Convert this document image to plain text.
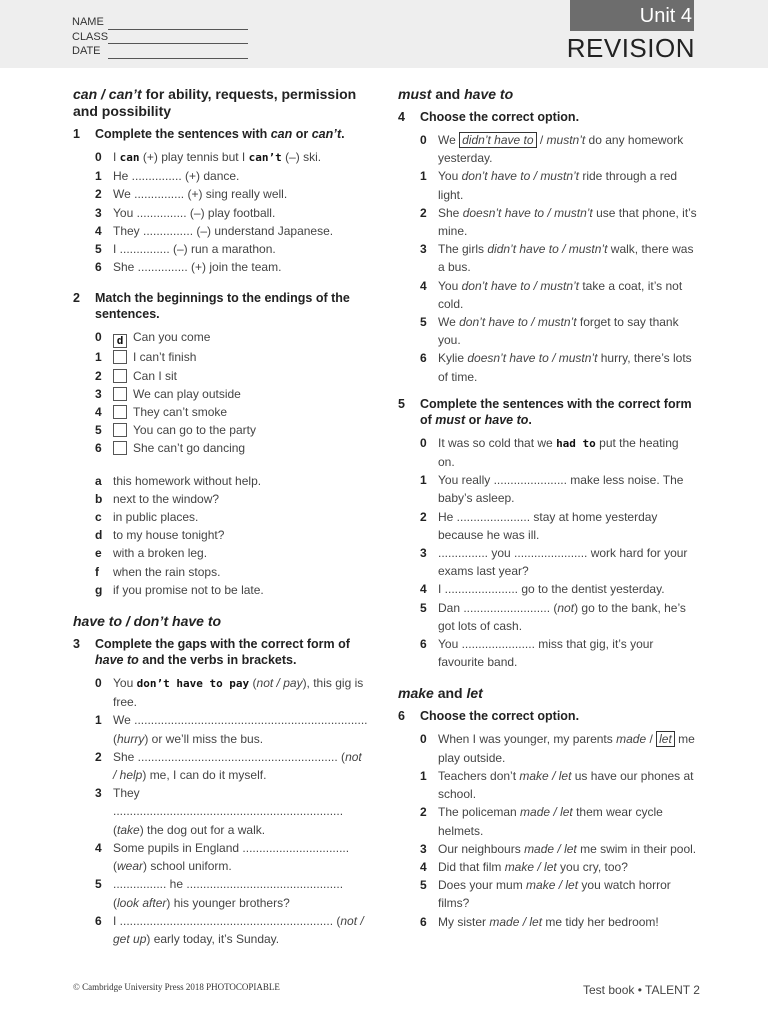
NAME
CLASS
DATE
Unit 4
REVISION
can / can’t for ability, requests, permission and possibility
1	Complete the sentences with can or can’t.
0 I can (+) play tennis but I can’t (–) ski.
1 He ............... (+) dance.
2 We ............... (+) sing really well.
3 You ............... (–) play football.
4 They ............... (–) understand Japanese.
5 I ............... (–) run a marathon.
6 She ............... (+) join the team.
2	Match the beginnings to the endings of the sentences.
0	d Can you come
1	I can’t finish
2	Can I sit
3	We can play outside
4	They can’t smoke
5	You can go to the party
6	She can’t go dancing
a this homework without help.
b next to the window?
c in public places.
d to my house tonight?
e with a broken leg.
f	when the rain stops.
g if you promise not to be late.
have to / don’t have to
3	Complete the gaps with the correct form of have to and the verbs in brackets.
0 You don’t have to pay (not / pay), this gig is free.
1 We ...................................................................... (hurry) or we’ll miss the bus.
2 She ............................................................ (not / help) me, I can do it myself.
3 They ..................................................................... (take) the dog out for a walk.
4 Some pupils in England ................................ (wear) school uniform.
5 ................ he ............................................... (look after) his younger brothers?
6 I ................................................................ (not / get up) early today, it’s Sunday.
must and have to
4	Choose the correct option.
0 We didn’t have to / mustn’t do any homework yesterday.
1 You don’t have to / mustn’t ride through a red light.
2 She doesn’t have to / mustn’t use that phone, it’s mine.
3 The girls didn’t have to / mustn’t walk, there was a bus.
4 You don’t have to / mustn’t take a coat, it’s not cold.
5 We don’t have to / mustn’t forget to say thank you.
6 Kylie doesn’t have to / mustn’t hurry, there’s lots of time.
5	Complete the sentences with the correct form of must or have to.
0 It was so cold that we had to put the heating on.
1 You really ...................... make less noise. The baby’s asleep.
2 He ...................... stay at home yesterday because he was ill.
3 ............... you ...................... work hard for your exams last year?
4 I ...................... go to the dentist yesterday.
5 Dan .......................... (not) go to the bank, he’s got lots of cash.
6 You ...................... miss that gig, it’s your favourite band.
make and let
6	Choose the correct option.
0 When I was younger, my parents made / let me play outside.
1 Teachers don’t make / let us have our phones at school.
2 The policeman made / let them wear cycle helmets.
3 Our neighbours made / let me swim in their pool.
4 Did that film make / let you cry, too?
5 Does your mum make / let you watch horror films?
6 My sister made / let me tidy her bedroom!
© Cambridge University Press 2018 PHOTOCOPIABLE	Test book • TALENT 2
